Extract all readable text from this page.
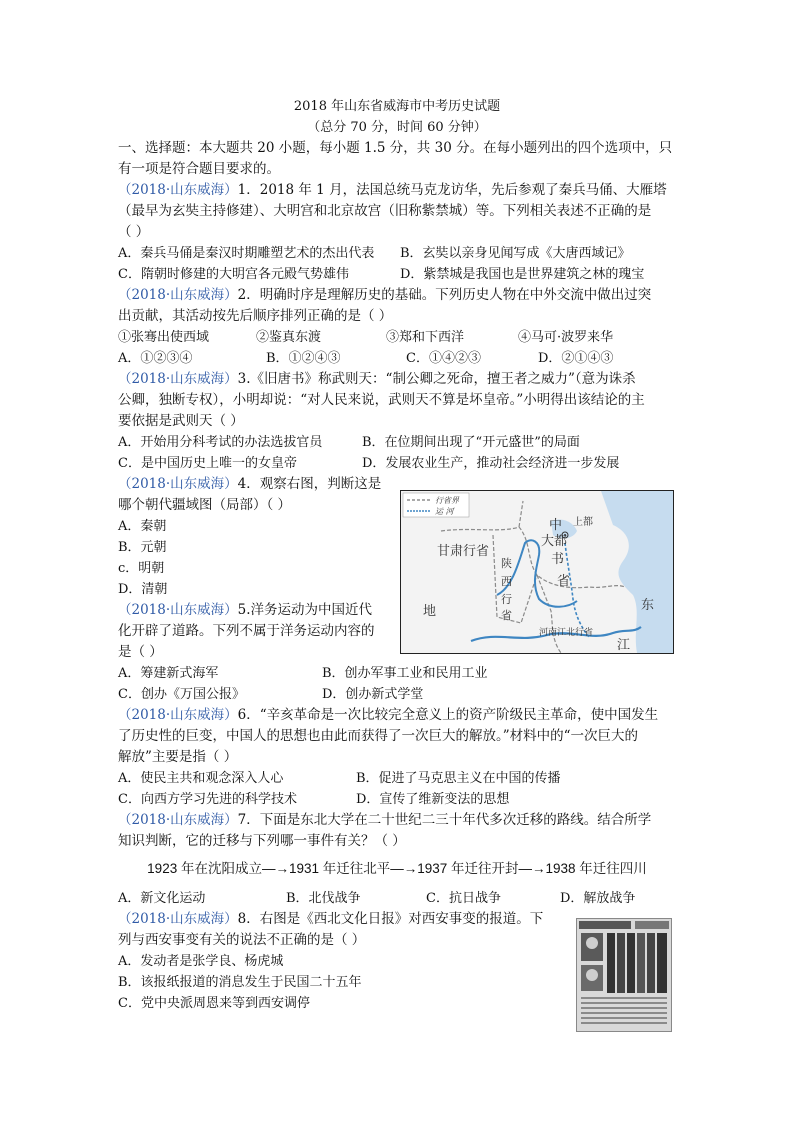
2018 年山东省威海市中考历史试题
（总分 70 分，时间 60 分钟）
一、选择题：本大题共 20 小题，每小题 1.5 分，共 30 分。在每小题列出的四个选项中，只
有一项是符合题目要求的。
（2018·山东威海）1．2018 年 1 月，法国总统马克龙访华，先后参观了秦兵马俑、大雁塔
（最早为玄奘主持修建）、大明宫和北京故宫（旧称紫禁城）等。下列相关表述不正确的是
（ ）
A．秦兵马俑是秦汉时期雕塑艺术的杰出代表 B．玄奘以亲身见闻写成《大唐西域记》
C．隋朝时修建的大明宫各元殿气势雄伟	D．紫禁城是我国也是世界建筑之林的瑰宝
（2018·山东威海）2．明确时序是理解历史的基础。下列历史人物在中外交流中做出过突
出贡献，其活动按先后顺序排列正确的是（ ）
①张骞出使西域	②鉴真东渡	③郑和下西洋	④马可·波罗来华
A．①②③④	B．①②④③	C．①④②③	D．②①④③
（2018·山东威海）3.《旧唐书》称武则天：“制公卿之死命，擅王者之威力”（意为诛杀
公卿，独断专权），小明却说：“对人民来说，武则天不算是坏皇帝。”小明得出该结论的主
要依据是武则天（ ）
A．开始用分科考试的办法选拔官员	B．在位期间出现了“开元盛世”的局面
C．是中国历史上唯一的女皇帝	D．发展农业生产，推动社会经济进一步发展
（2018·山东威海）4．观察右图，判断这是
哪个朝代疆域图（局部）（ ）
A．秦朝
B．元朝
c．明朝
D．清朝
行省界
运 河
上都
中
大都
书
省
甘肃行省
陕
西
行
省
河南江北行省
地
江
东
（2018·山东威海）5.洋务运动为中国近代
化开辟了道路。下列不属于洋务运动内容的
是（ ）
A．筹建新式海军	B．创办军事工业和民用工业
C．创办《万国公报》	D．创办新式学堂
（2018·山东威海）6．“辛亥革命是一次比较完全意义上的资产阶级民主革命，使中国发生
了历史性的巨变，中国人的思想也由此而获得了一次巨大的解放。”材料中的“一次巨大的
解放”主要是指（ ）
A．使民主共和观念深入人心	B．促进了马克思主义在中国的传播
C．向西方学习先进的科学技术	D．宣传了维新变法的思想
（2018·山东威海）7．下面是东北大学在二十世纪二三十年代多次迁移的路线。结合所学
知识判断，它的迁移与下列哪一事件有关？（ ）
1923 年在沈阳成立—→1931 年迁往北平—→1937 年迁往开封—→1938 年迁往四川
A．新文化运动	B．北伐战争	C．抗日战争	D．解放战争
（2018·山东威海）8．右图是《西北文化日报》对西安事变的报道。下
列与西安事变有关的说法不正确的是（ ）
A．发动者是张学良、杨虎城
B．该报纸报道的消息发生于民国二十五年
C．党中央派周恩来等到西安调停
